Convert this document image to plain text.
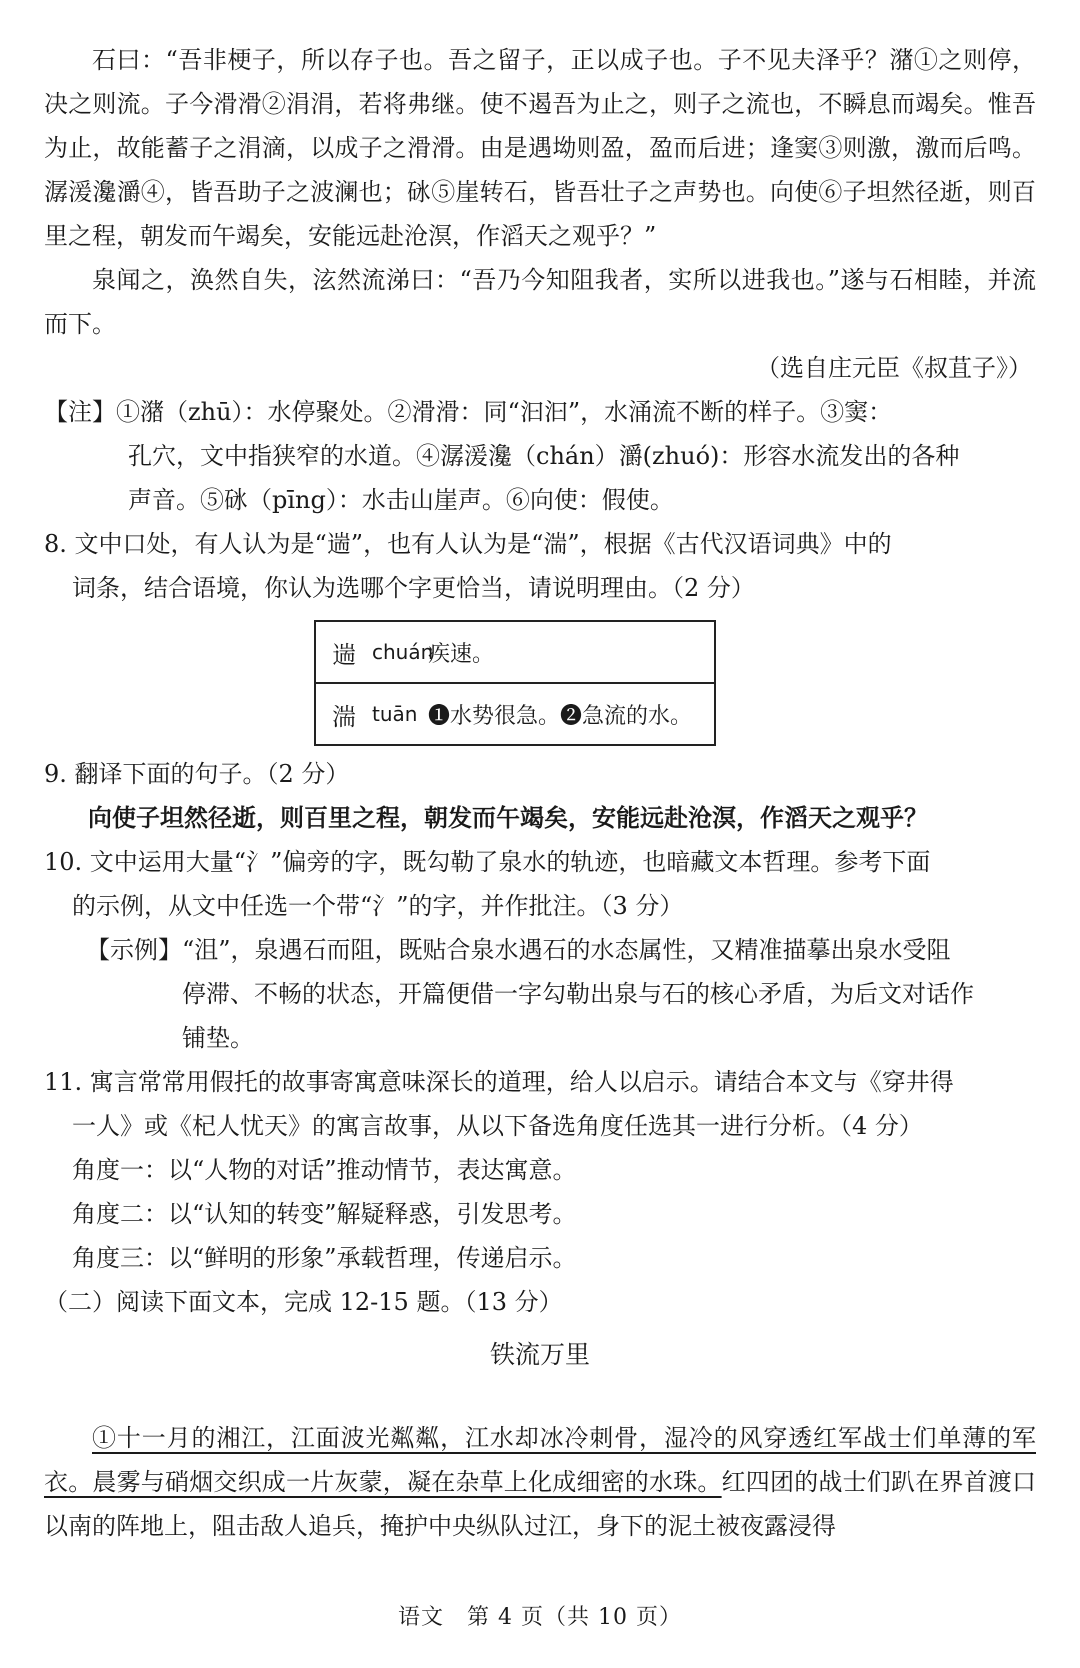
石曰：“吾非梗子，所以存子也。吾之留子，正以成子也。子不见夫泽乎？潴①之则停，决之则流。子今滑滑②涓涓，若将弗继。使不遏吾为止之，则子之流也，不瞬息而竭矣。惟吾为止，故能蓄子之涓滴，以成子之滑滑。由是遇坳则盈，盈而后进；逢窦③则激，激而后鸣。潺湲瀺灂④，皆吾助子之波澜也；砯⑤崖转石，皆吾壮子之声势也。向使⑥子坦然径逝，则百里之程，朝发而午竭矣，安能远赴沧溟，作滔天之观乎？”

泉闻之，涣然自失，泫然流涕曰：“吾乃今知阻我者，实所以进我也。”遂与石相睦，并流而下。

（选自庄元臣《叔苴子》）

【注】①潴（zhū）：水停聚处。②滑滑：同“汩汩”，水涌流不断的样子。③窦：

孔穴，文中指狭窄的水道。④潺湲瀺（chán）灂(zhuó)：形容水流发出的各种

声音。⑤砯（pīng）：水击山崖声。⑥向使：假使。

8. 文中口处，有人认为是“遄”，也有人认为是“湍”，根据《古代汉语词典》中的

词条，结合语境，你认为选哪个字更恰当，请说明理由。（2 分）

遄 chuán
疾速。
湍 tuān ❶水势很急。❷急流的水。

9. 翻译下面的句子。（2 分）

向使子坦然径逝，则百里之程，朝发而午竭矣，安能远赴沧溟，作滔天之观乎？

10. 文中运用大量“氵”偏旁的字，既勾勒了泉水的轨迹，也暗藏文本哲理。参考下面

的示例，从文中任选一个带“氵”的字，并作批注。（3 分）

【示例】“沮”，泉遇石而阻，既贴合泉水遇石的水态属性，又精准描摹出泉水受阻

停滞、不畅的状态，开篇便借一字勾勒出泉与石的核心矛盾，为后文对话作

铺垫。

11. 寓言常常用假托的故事寄寓意味深长的道理，给人以启示。请结合本文与《穿井得

一人》或《杞人忧天》的寓言故事，从以下备选角度任选其一进行分析。（4 分）

角度一：以“人物的对话”推动情节，表达寓意。

角度二：以“认知的转变”解疑释惑，引发思考。

角度三：以“鲜明的形象”承载哲理，传递启示。

（二）阅读下面文本，完成 12-15 题。（13 分）

铁流万里

①十一月的湘江，江面波光粼粼，江水却冰冷刺骨，湿冷的风穿透红军战士们单薄的军衣。晨雾与硝烟交织成一片灰蒙，凝在杂草上化成细密的水珠。红四团的战士们趴在界首渡口以南的阵地上，阻击敌人追兵，掩护中央纵队过江，身下的泥土被夜露浸得

语文　第 4 页（共 10 页）
